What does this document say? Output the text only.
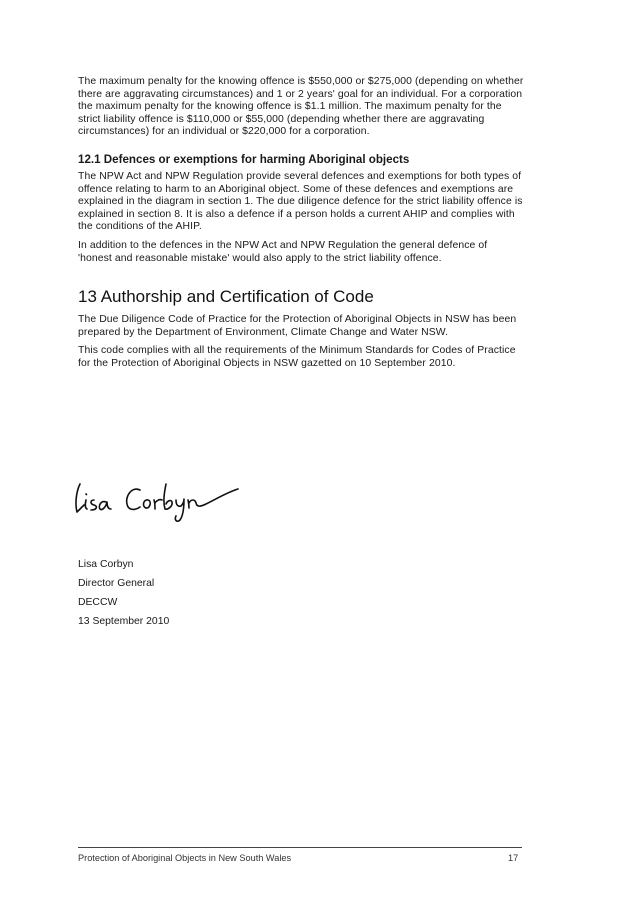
The maximum penalty for the knowing offence is $550,000 or $275,000 (depending on whether there are aggravating circumstances) and 1 or 2 years' goal for an individual. For a corporation the maximum penalty for the knowing offence is $1.1 million. The maximum penalty for the strict liability offence is $110,000 or $55,000 (depending whether there are aggravating circumstances) for an individual or $220,000 for a corporation.

12.1 Defences or exemptions for harming Aboriginal objects

The NPW Act and NPW Regulation provide several defences and exemptions for both types of offence relating to harm to an Aboriginal object. Some of these defences and exemptions are explained in the diagram in section 1. The due diligence defence for the strict liability offence is explained in section 8. It is also a defence if a person holds a current AHIP and complies with the conditions of the AHIP.

In addition to the defences in the NPW Act and NPW Regulation the general defence of 'honest and reasonable mistake' would also apply to the strict liability offence.

13 Authorship and Certification of Code

The Due Diligence Code of Practice for the Protection of Aboriginal Objects in NSW has been prepared by the Department of Environment, Climate Change and Water NSW.

This code complies with all the requirements of the Minimum Standards for Codes of Practice for the Protection of Aboriginal Objects in NSW gazetted on 10 September 2010.

Lisa Corbyn
Director General
DECCW
13 September 2010
Protection of Aboriginal Objects in New South Wales	17
